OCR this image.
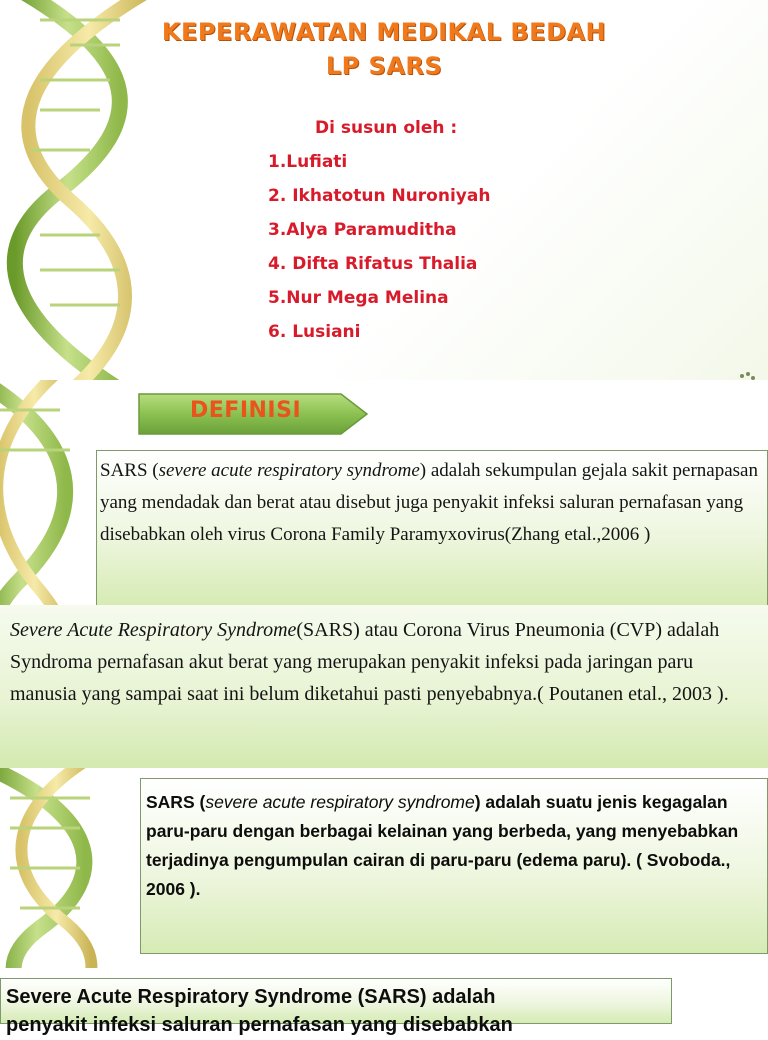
KEPERAWATAN MEDIKAL BEDAH
LP SARS
Di susun oleh :
1.Lufiati
2. Ikhatotun Nuroniyah
3.Alya Paramuditha
4. Difta Rifatus Thalia
5.Nur Mega Melina
6. Lusiani
DEFINISI
SARS (severe acute respiratory syndrome) adalah sekumpulan gejala sakit pernapasan yang mendadak dan berat atau disebut juga penyakit infeksi saluran pernafasan yang disebabkan oleh virus Corona Family Paramyxovirus(Zhang etal.,2006 )
Severe Acute Respiratory Syndrome(SARS) atau Corona Virus Pneumonia (CVP) adalah Syndroma pernafasan akut berat yang merupakan penyakit infeksi pada jaringan paru manusia yang sampai saat ini belum diketahui pasti penyebabnya.( Poutanen etal., 2003 ).
SARS (severe acute respiratory syndrome) adalah suatu jenis kegagalan paru-paru dengan berbagai kelainan yang berbeda, yang menyebabkan terjadinya pengumpulan cairan di paru-paru (edema paru). ( Svoboda., 2006 ).
Severe Acute Respiratory Syndrome (SARS) adalah
penyakit infeksi saluran pernafasan yang disebabkan
